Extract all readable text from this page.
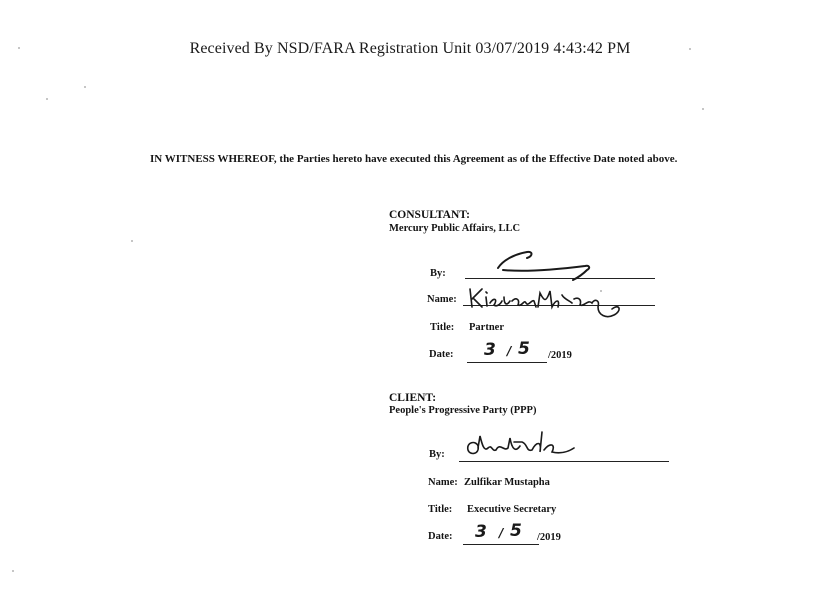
Received By NSD/FARA Registration Unit 03/07/2019 4:43:42 PM
IN WITNESS WHEREOF, the Parties hereto have executed this Agreement as of the Effective Date noted above.
CONSULTANT:
Mercury Public Affairs, LLC
By:
Name:
Title: Partner
Date: 3 / 5 /2019
CLIENT:
People's Progressive Party (PPP)
By:
Name: Zulfikar Mustapha
Title: Executive Secretary
Date: 3 / 5 /2019
